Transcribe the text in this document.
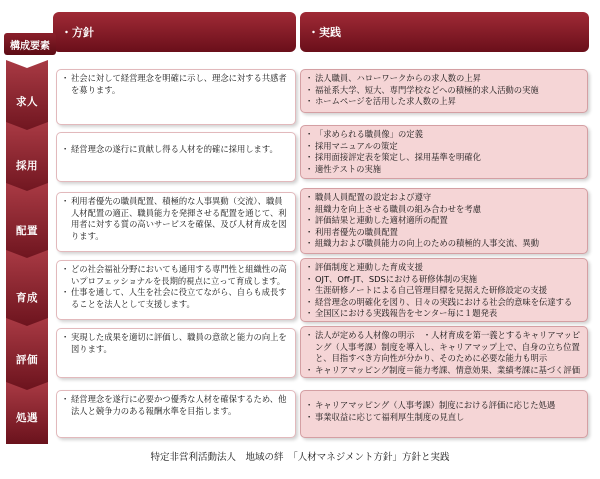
・方針	・実践
構成要素
求人
・ 社会に対して経営理念を明確に示し、理念に対する共感者を募ります。
・ 法人職員、ハローワークからの求人数の上昇
・ 福祉系大学、短大、専門学校などへの積極的求人活動の実施
・ ホームページを活用した求人数の上昇
採用
・ 経営理念の遂行に貢献し得る人材を的確に採用します。
・ 「求められる職員像」の定義
・ 採用マニュアルの策定
・ 採用面接評定表を策定し、採用基準を明確化
・ 適性テストの実施
配置
・ 利用者優先の職員配置、積極的な人事異動（交流）、職員人材配置の適正、職員能力を発揮させる配置を通じて、利用者に対する質の高いサービスを確保、及び人材育成を図ります。
・ 職員人員配置の設定および遵守
・ 組織力を向上させる職員の組み合わせを考慮
・ 評価結果と連動した適材適所の配置
・ 利用者優先の職員配置
・ 組織力および職員能力の向上のための積極的人事交流、異動
育成
・ どの社会福祉分野においても通用する専門性と組織性の高いプロフェッショナルを長期的視点に立って育成します。
・ 仕事を通して、人生を社会に役立てながら、自らも成長することを法人として支援します。
・ 評価制度と連動した育成支援
・ OJT、Off-JT、SDSにおける研修体制の実施
・ 生涯研修ノートによる自己管理目標を見据えた研修設定の支援
・ 経営理念の明確化を図り、日々の実践における社会的意味を伝達する
・ 全国区における実践報告をセンター毎に１題発表
評価
・ 実現した成果を適切に評価し、職員の意欲と能力の向上を図ります。
・ 法人が定める人材像の明示　・人材育成を第一義とするキャリアマッピング（人事考課）制度を導入し、キャリアマップ上で、自身の立ち位置と、目指すべき方向性が分かり、そのために必要な能力も明示
・ キャリアマッピング制度＝能力考課、情意効果、業績考課に基づく評価
処遇
・ 経営理念を遂行に必要かつ優秀な人材を確保するため、他法人と競争力のある報酬水準を目指します。
・ キャリアマッピング（人事考課）制度における評価に応じた処遇
・ 事業収益に応じて福利厚生制度の見直し
特定非営利活動法人　地域の絆　「人材マネジメント方針」方針と実践
